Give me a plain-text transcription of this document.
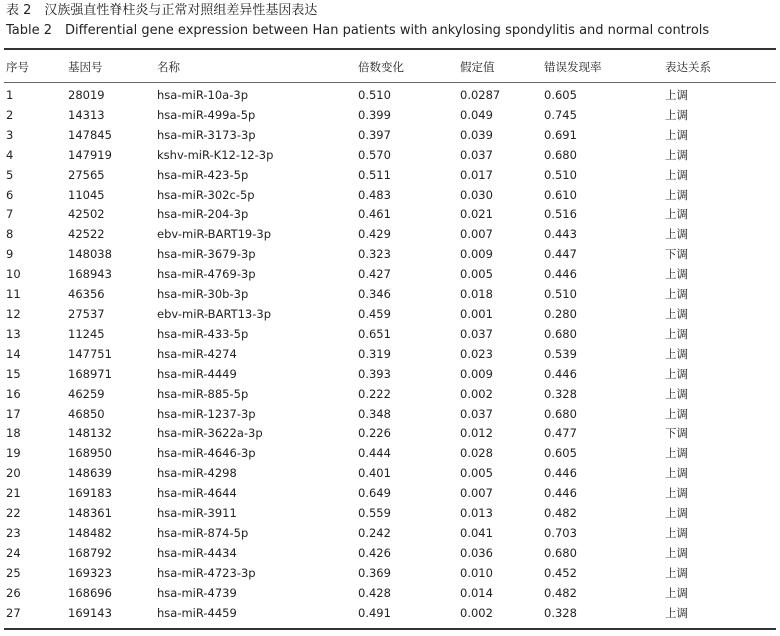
表 2　汉族强直性脊柱炎与正常对照组差异性基因表达
Table 2　Differential gene expression between Han patients with ankylosing spondylitis and normal controls
序号	基因号	名称	倍数变化	假定值	错误发现率	表达关系
1	28019	hsa-miR-10a-3p	0.510	0.0287	0.605	上调
2	14313	hsa-miR-499a-5p	0.399	0.049	0.745	上调
3	147845	hsa-miR-3173-3p	0.397	0.039	0.691	上调
4	147919	kshv-miR-K12-12-3p	0.570	0.037	0.680	上调
5	27565	hsa-miR-423-5p	0.511	0.017	0.510	上调
6	11045	hsa-miR-302c-5p	0.483	0.030	0.610	上调
7	42502	hsa-miR-204-3p	0.461	0.021	0.516	上调
8	42522	ebv-miR-BART19-3p	0.429	0.007	0.443	上调
9	148038	hsa-miR-3679-3p	0.323	0.009	0.447	下调
10	168943	hsa-miR-4769-3p	0.427	0.005	0.446	上调
11	46356	hsa-miR-30b-3p	0.346	0.018	0.510	上调
12	27537	ebv-miR-BART13-3p	0.459	0.001	0.280	上调
13	11245	hsa-miR-433-5p	0.651	0.037	0.680	上调
14	147751	hsa-miR-4274	0.319	0.023	0.539	上调
15	168971	hsa-miR-4449	0.393	0.009	0.446	上调
16	46259	hsa-miR-885-5p	0.222	0.002	0.328	上调
17	46850	hsa-miR-1237-3p	0.348	0.037	0.680	上调
18	148132	hsa-miR-3622a-3p	0.226	0.012	0.477	下调
19	168950	hsa-miR-4646-3p	0.444	0.028	0.605	上调
20	148639	hsa-miR-4298	0.401	0.005	0.446	上调
21	169183	hsa-miR-4644	0.649	0.007	0.446	上调
22	148361	hsa-miR-3911	0.559	0.013	0.482	上调
23	148482	hsa-miR-874-5p	0.242	0.041	0.703	上调
24	168792	hsa-miR-4434	0.426	0.036	0.680	上调
25	169323	hsa-miR-4723-3p	0.369	0.010	0.452	上调
26	168696	hsa-miR-4739	0.428	0.014	0.482	上调
27	169143	hsa-miR-4459	0.491	0.002	0.328	上调
